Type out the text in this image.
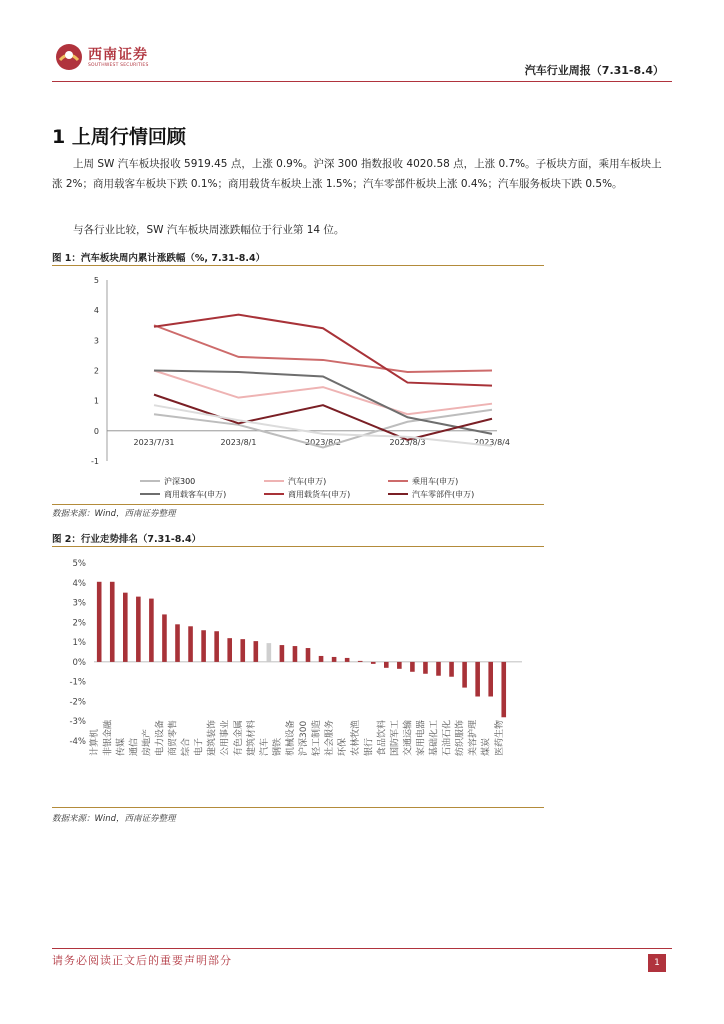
西南证券
SOUTHWEST SECURITIES	汽车行业周报（7.31-8.4）
1 上周行情回顾
上周 SW 汽车板块报收 5919.45 点，上涨 0.9%。沪深 300 指数报收 4020.58 点，上涨 0.7%。子板块方面，乘用车板块上涨 2%；商用载客车板块下跌 0.1%；商用载货车板块上涨 1.5%；汽车零部件板块上涨 0.4%；汽车服务板块下跌 0.5%。
与各行业比较，SW 汽车板块周涨跌幅位于行业第 14 位。
图 1：汽车板块周内累计涨跌幅（%, 7.31-8.4）
-1
0
1
2
3
4
5
2023/7/31	2023/8/1	2023/8/2	2023/8/3	2023/8/4
沪深300	汽车(申万)	乘用车(申万)
商用载客车(申万)	商用载货车(申万)	汽车零部件(申万)
数据来源：Wind，西南证券整理
图 2：行业走势排名（7.31-8.4）
-4%
-3%
-2%
-1%
0%
1%
2%
3%
4%
5%
计算机 非银金融 传媒 通信 房地产 电力设备 商贸零售 综合 电子 建筑装饰 公用事业 有色金属 建筑材料 汽车 钢铁 机械设备 沪深300 轻工制造 社会服务 环保 农林牧渔 银行 食品饮料 国防军工 交通运输 家用电器 基础化工 石油石化 纺织服饰 美容护理 煤炭 医药生物
数据来源：Wind，西南证券整理
请务必阅读正文后的重要声明部分	1
